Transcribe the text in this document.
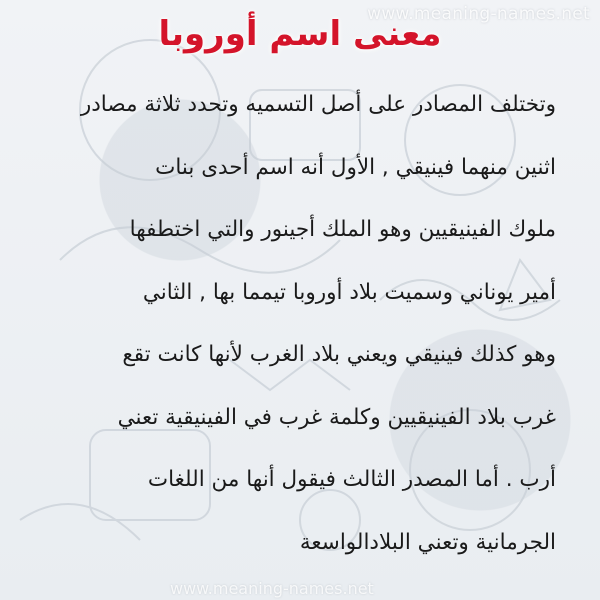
www.meaning-names.net
معنى اسم أوروبا
وتختلف المصادر على أصل التسميه وتحدد ثلاثة مصادر
اثنين منهما فينيقي , الأول أنه اسم أحدى بنات
ملوك الفينيقيين وهو الملك أجينور والتي اختطفها
أمير يوناني وسميت بلاد أوروبا تيمما بها , الثاني
وهو كذلك فينيقي ويعني بلاد الغرب لأنها كانت تقع
غرب بلاد الفينيقيين وكلمة غرب في الفينيقية تعني
أرب . أما المصدر الثالث فيقول أنها من اللغات
الجرمانية وتعني البلادالواسعة
www.meaning-names.net
